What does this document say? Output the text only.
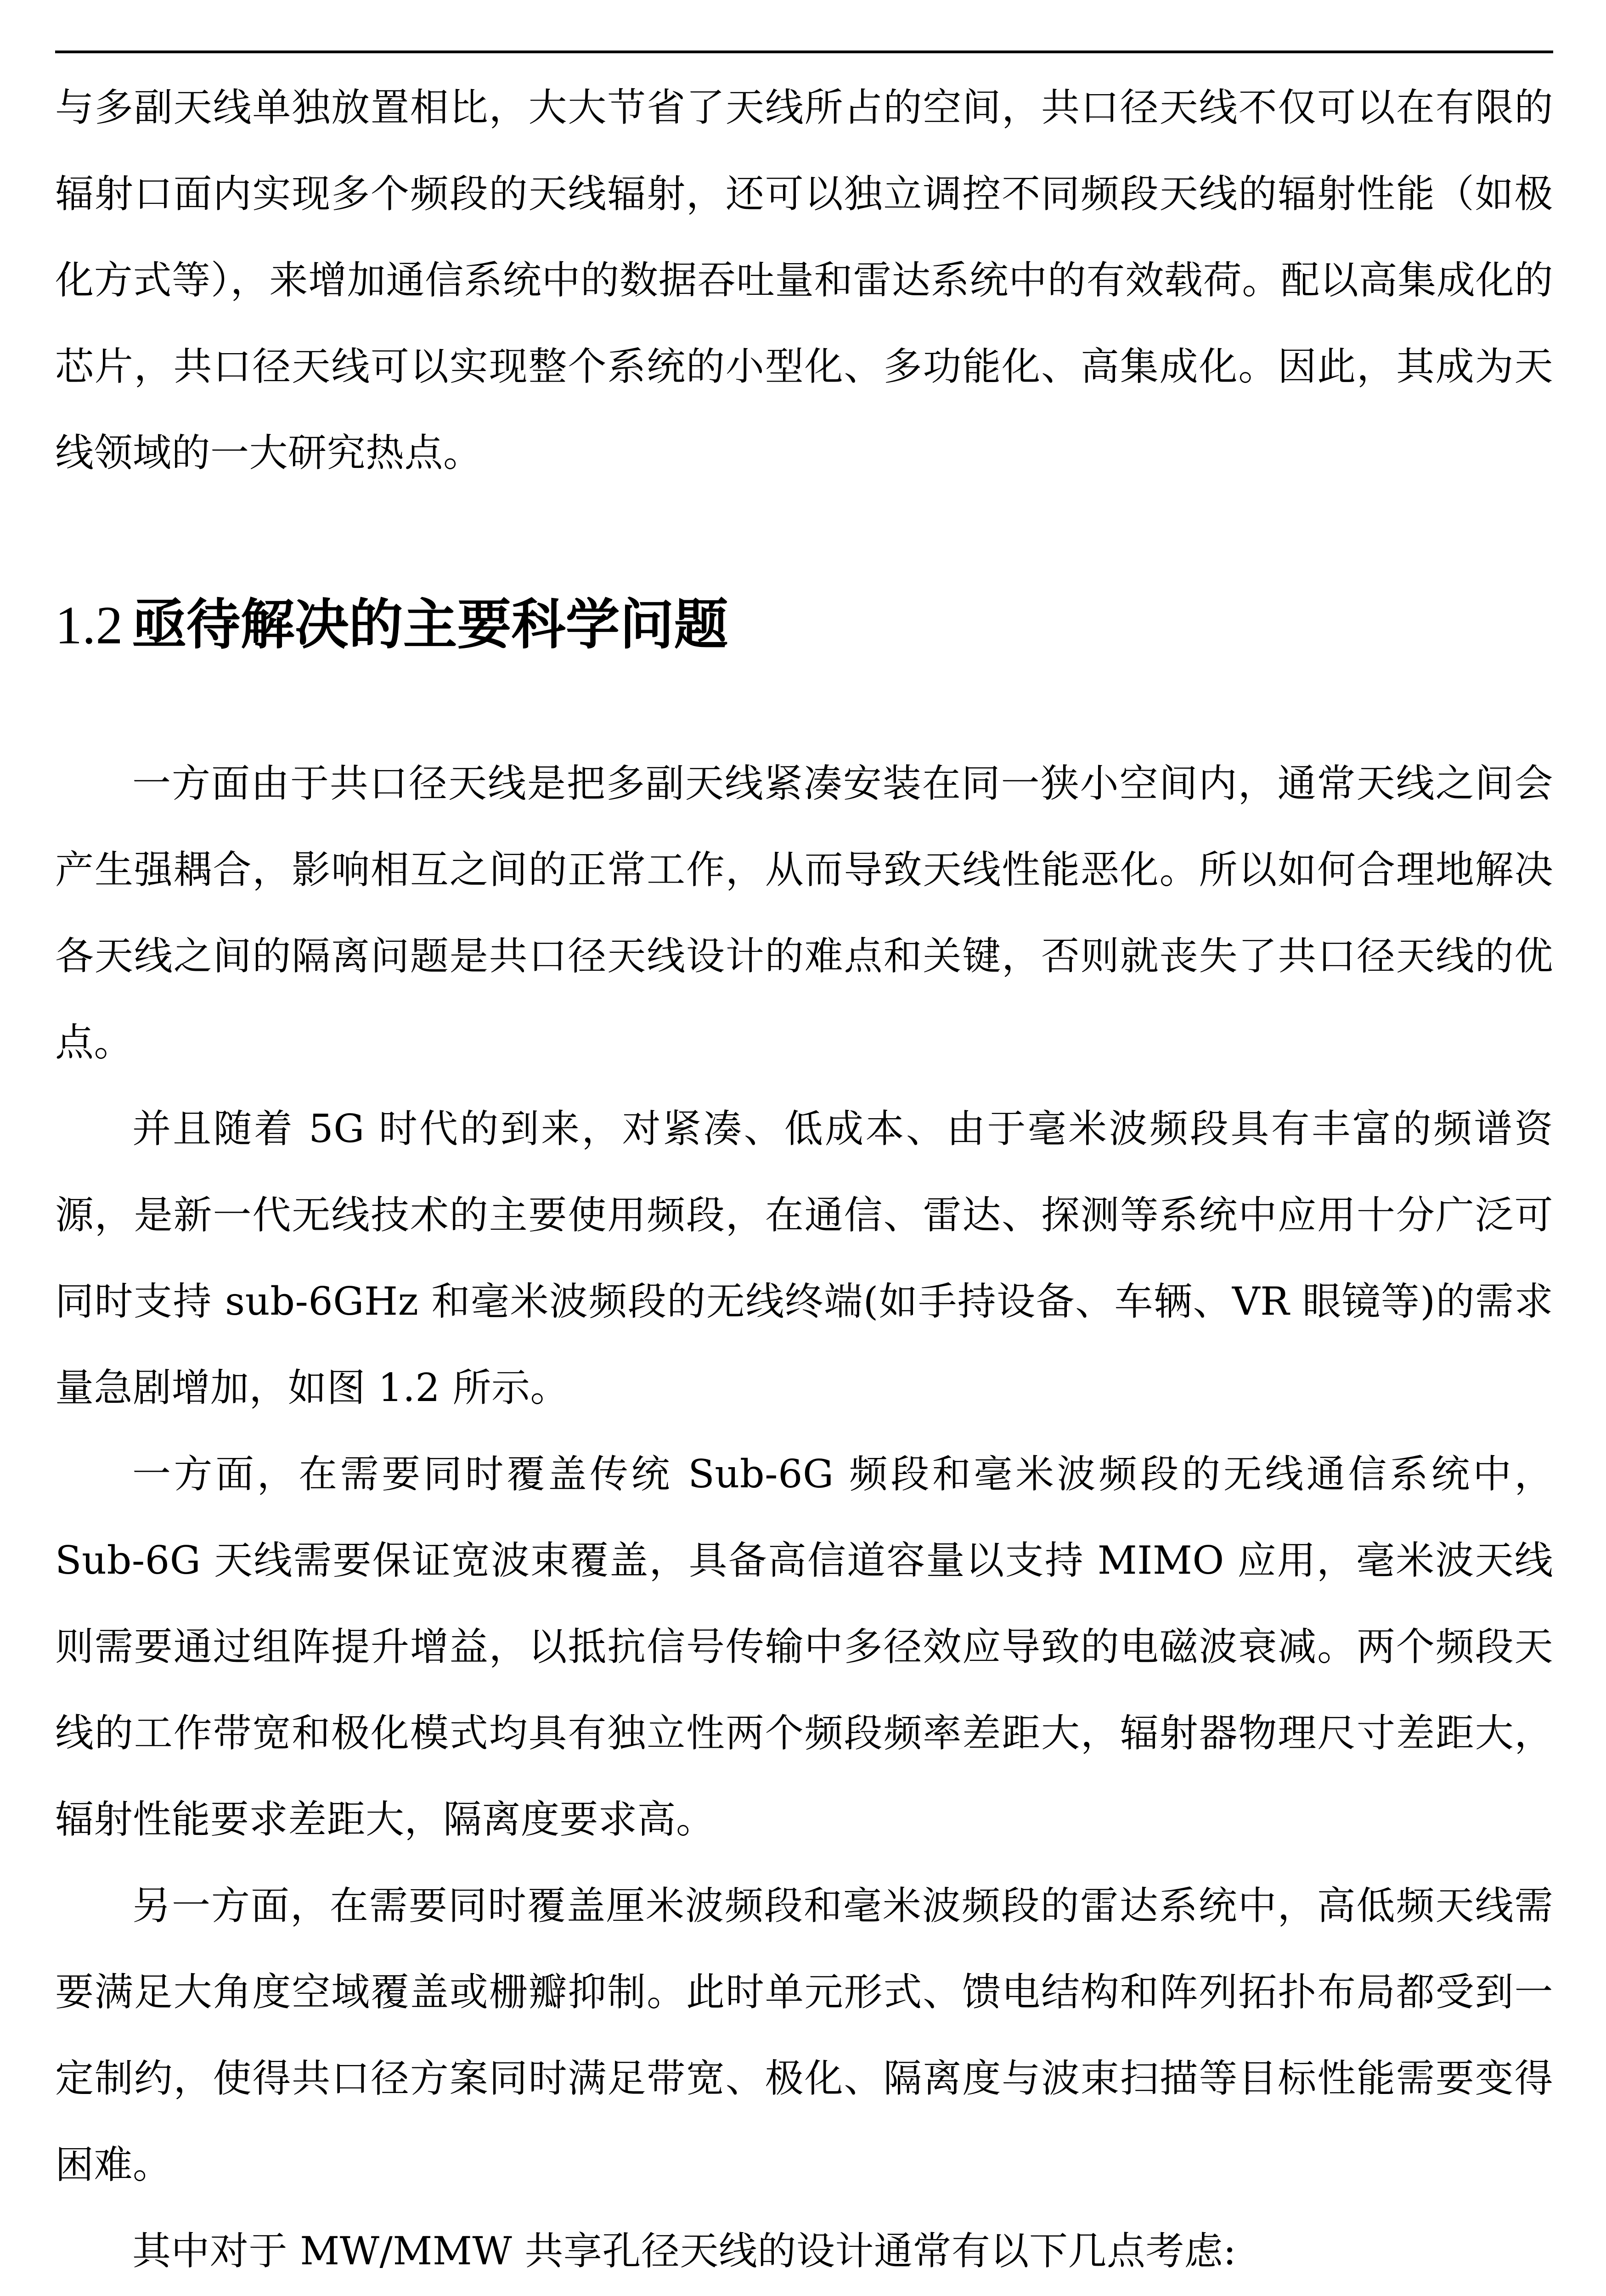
与多副天线单独放置相比，大大节省了天线所占的空间，共口径天线不仅可以在有限的辐射口面内实现多个频段的天线辐射，还可以独立调控不同频段天线的辐射性能（如极化方式等），来增加通信系统中的数据吞吐量和雷达系统中的有效载荷。配以高集成化的芯片，共口径天线可以实现整个系统的小型化、多功能化、高集成化。因此，其成为天线领域的一大研究热点。

1.2 亟待解决的主要科学问题

一方面由于共口径天线是把多副天线紧凑安装在同一狭小空间内，通常天线之间会产生强耦合，影响相互之间的正常工作，从而导致天线性能恶化。所以如何合理地解决各天线之间的隔离问题是共口径天线设计的难点和关键，否则就丧失了共口径天线的优点。

并且随着 5G 时代的到来，对紧凑、低成本、由于毫米波频段具有丰富的频谱资源，是新一代无线技术的主要使用频段，在通信、雷达、探测等系统中应用十分广泛可同时支持 sub-6GHz 和毫米波频段的无线终端(如手持设备、车辆、VR 眼镜等)的需求量急剧增加，如图 1.2 所示。

一方面，在需要同时覆盖传统 Sub-6G 频段和毫米波频段的无线通信系统中，Sub-6G 天线需要保证宽波束覆盖，具备高信道容量以支持 MIMO 应用，毫米波天线则需要通过组阵提升增益，以抵抗信号传输中多径效应导致的电磁波衰减。两个频段天线的工作带宽和极化模式均具有独立性两个频段频率差距大，辐射器物理尺寸差距大，辐射性能要求差距大，隔离度要求高。

另一方面，在需要同时覆盖厘米波频段和毫米波频段的雷达系统中，高低频天线需要满足大角度空域覆盖或栅瓣抑制。此时单元形式、馈电结构和阵列拓扑布局都受到一定制约，使得共口径方案同时满足带宽、极化、隔离度与波束扫描等目标性能需要变得困难。

其中对于 MW/MMW 共享孔径天线的设计通常有以下几点考虑:
